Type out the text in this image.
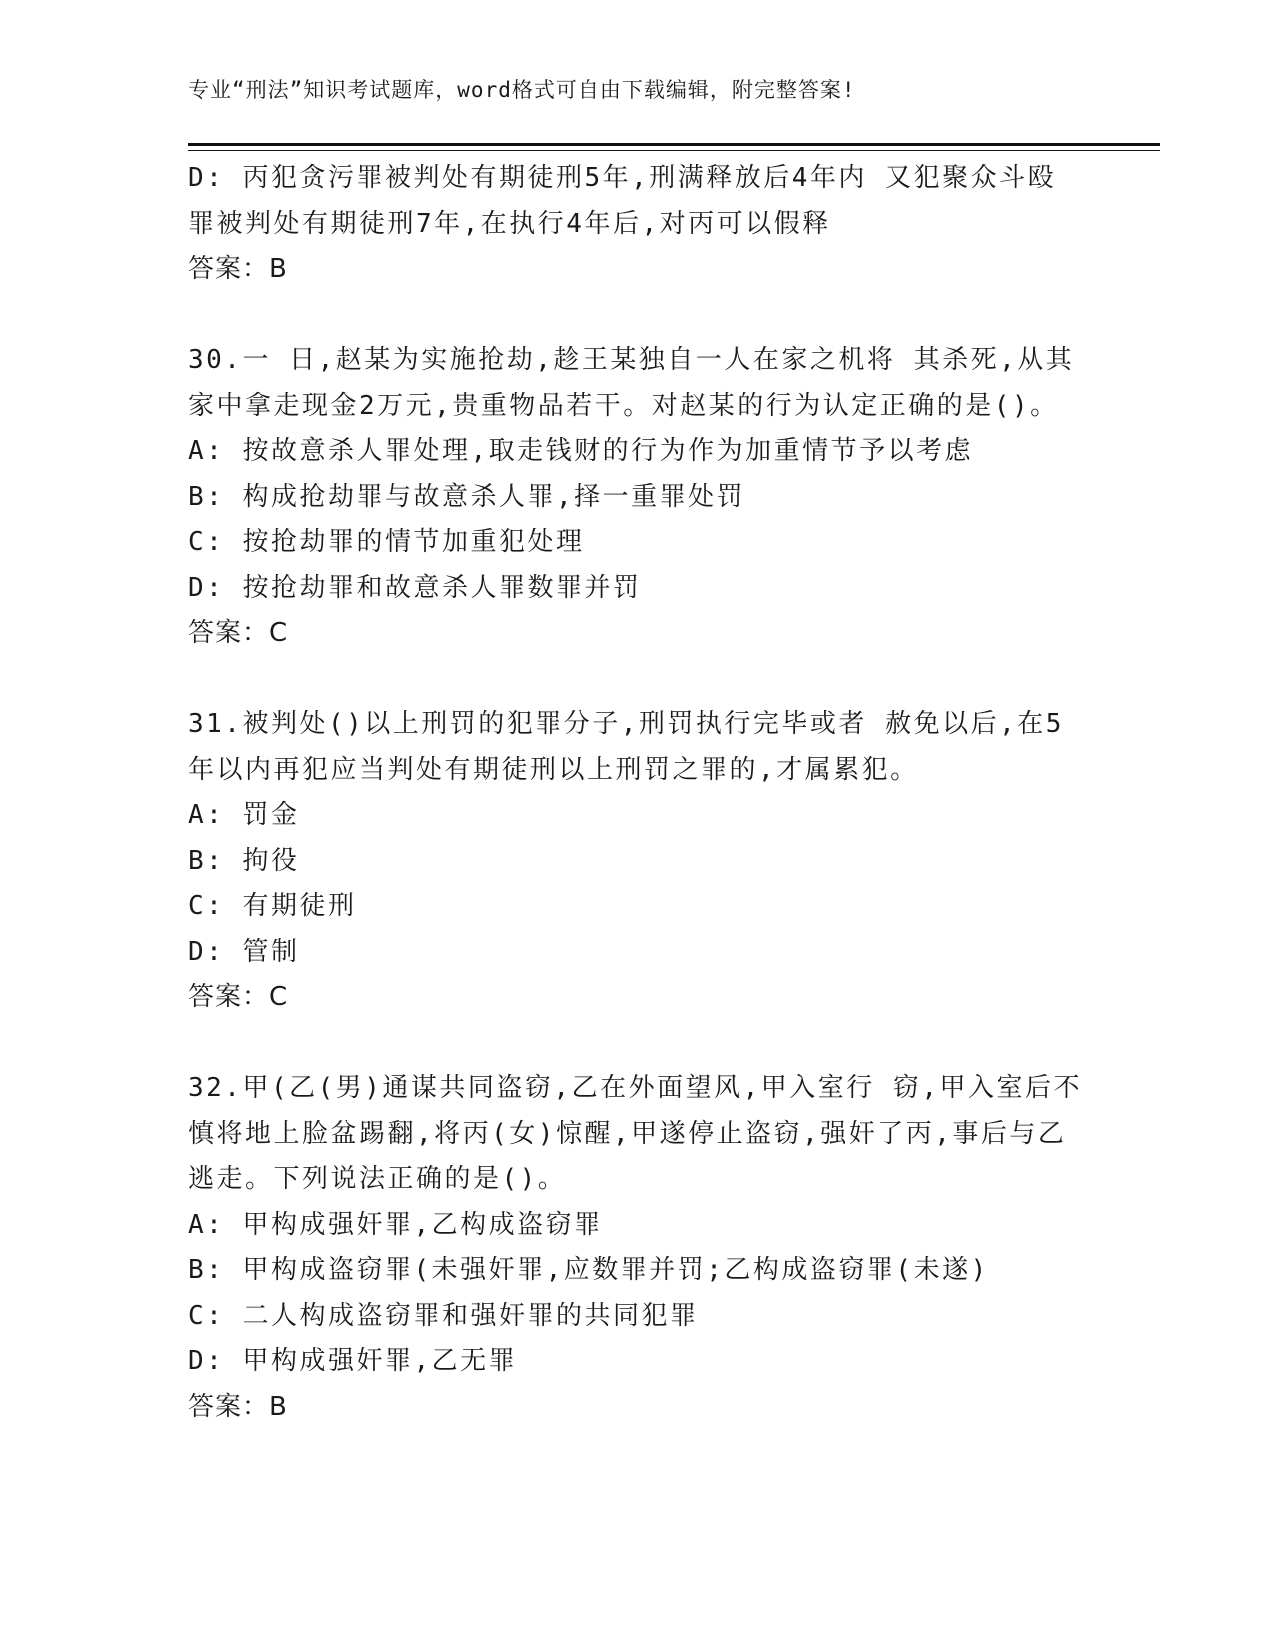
专业“刑法”知识考试题库，word格式可自由下载编辑，附完整答案!
D: 丙犯贪污罪被判处有期徒刑5年,刑满释放后4年内 又犯聚众斗殴
罪被判处有期徒刑7年,在执行4年后,对丙可以假释
答案：B
30.一 日,赵某为实施抢劫,趁王某独自一人在家之机将 其杀死,从其
家中拿走现金2万元,贵重物品若干。对赵某的行为认定正确的是()。
A: 按故意杀人罪处理,取走钱财的行为作为加重情节予以考虑
B: 构成抢劫罪与故意杀人罪,择一重罪处罚
C: 按抢劫罪的情节加重犯处理
D: 按抢劫罪和故意杀人罪数罪并罚
答案：C
31.被判处()以上刑罚的犯罪分子,刑罚执行完毕或者 赦免以后,在5
年以内再犯应当判处有期徒刑以上刑罚之罪的,才属累犯。
A: 罚金
B: 拘役
C: 有期徒刑
D: 管制
答案：C
32.甲(乙(男)通谋共同盗窃,乙在外面望风,甲入室行 窃,甲入室后不
慎将地上脸盆踢翻,将丙(女)惊醒,甲遂停止盗窃,强奸了丙,事后与乙
逃走。下列说法正确的是()。
A: 甲构成强奸罪,乙构成盗窃罪
B: 甲构成盗窃罪(未强奸罪,应数罪并罚;乙构成盗窃罪(未遂)
C: 二人构成盗窃罪和强奸罪的共同犯罪
D: 甲构成强奸罪,乙无罪
答案：B
